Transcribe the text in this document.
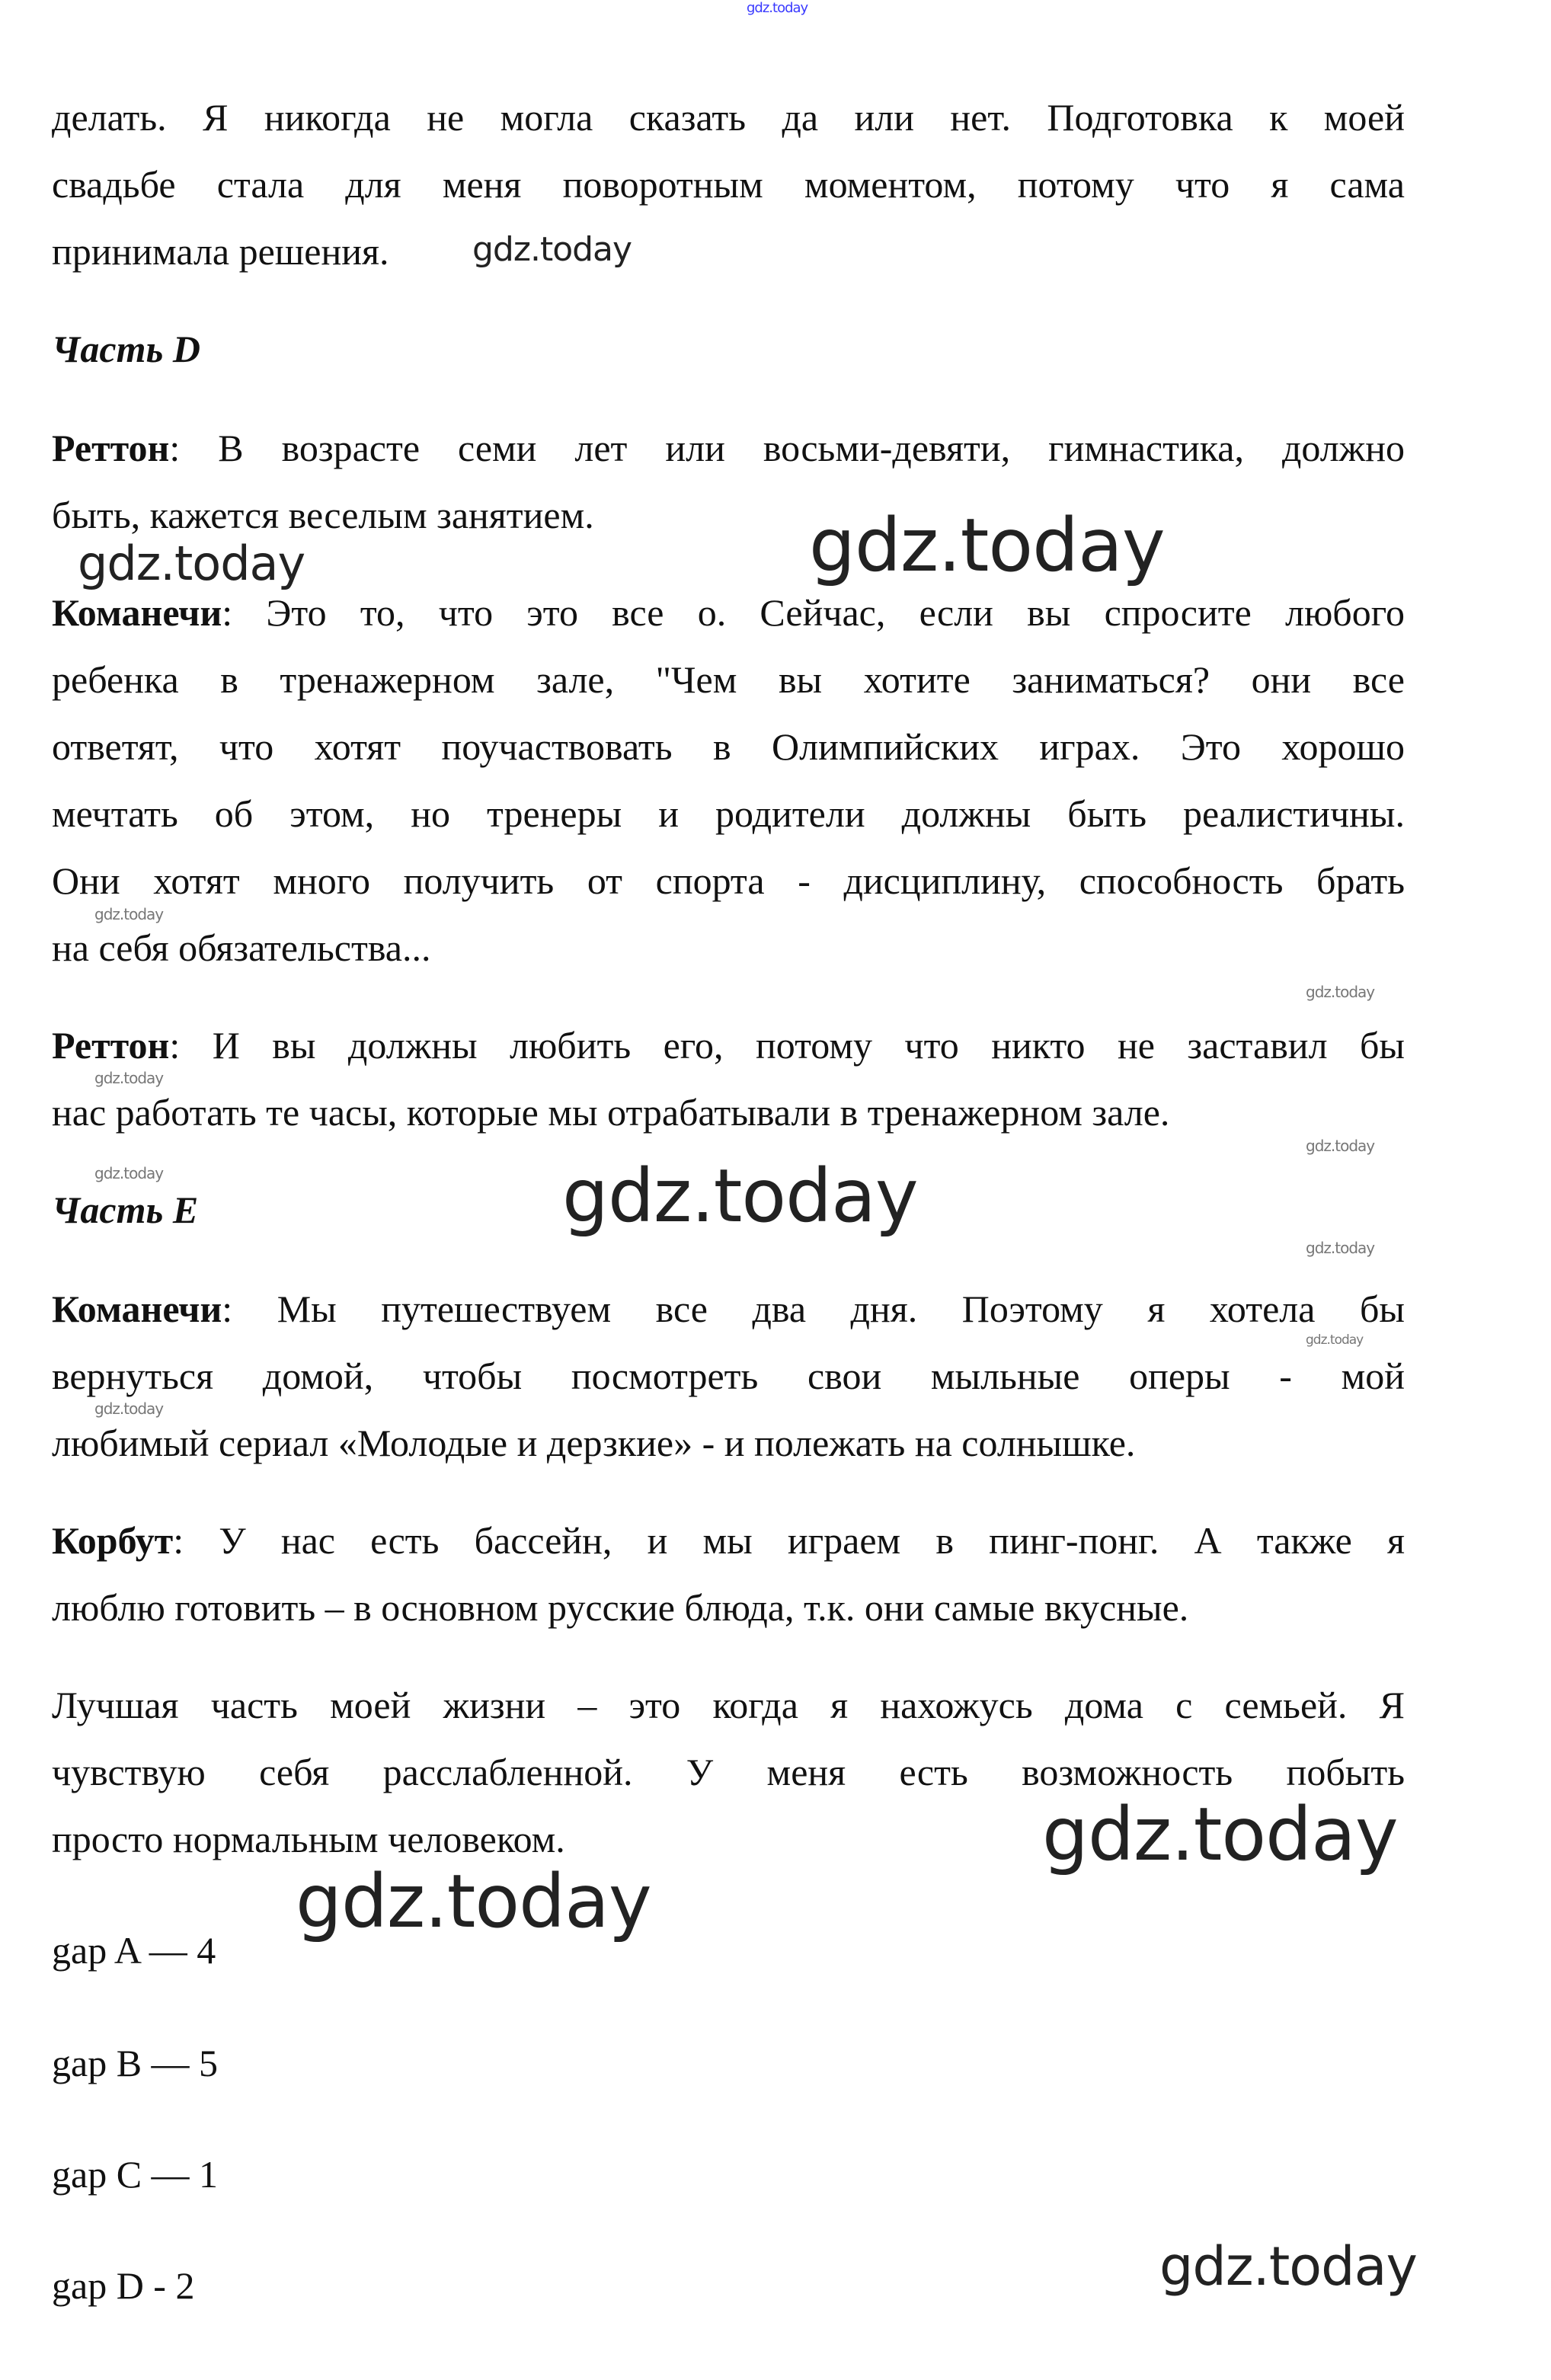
делать. Я никогда не могла сказать да или нет. Подготовка к моей
свадьбе стала для меня поворотным моментом, потому что я сама
принимала решения.
Часть D
Реттон: В возрасте семи лет или восьми-девяти, гимнастика, должно
быть, кажется веселым занятием.
Команечи: Это то, что это все о. Сейчас, если вы спросите любого
ребенка в тренажерном зале, "Чем вы хотите заниматься? они все
ответят, что хотят поучаствовать в Олимпийских играх. Это хорошо
мечтать об этом, но тренеры и родители должны быть реалистичны.
Они хотят много получить от спорта - дисциплину, способность брать
на себя обязательства...
Реттон: И вы должны любить его, потому что никто не заставил бы
нас работать те часы, которые мы отрабатывали в тренажерном зале.
Часть E
Команечи: Мы путешествуем все два дня. Поэтому я хотела бы
вернуться домой, чтобы посмотреть свои мыльные оперы - мой
любимый сериал «Молодые и дерзкие» - и полежать на солнышке.
Корбут: У нас есть бассейн, и мы играем в пинг-понг. А также я
люблю готовить – в основном русские блюда, т.к. они самые вкусные.
Лучшая часть моей жизни – это когда я нахожусь дома с семьей. Я
чувствую себя расслабленной. У меня есть возможность побыть
просто нормальным человеком.
gap A — 4
gap B — 5
gap C — 1
gap D - 2
gdz.today
gdz.today
gdz.today	gdz.today
gdz.today
gdz.today
gdz.today
gdz.today
gdz.today	gdz.today
gdz.today
gdz.today
gdz.today
gdz.today
gdz.today
gdz.today
